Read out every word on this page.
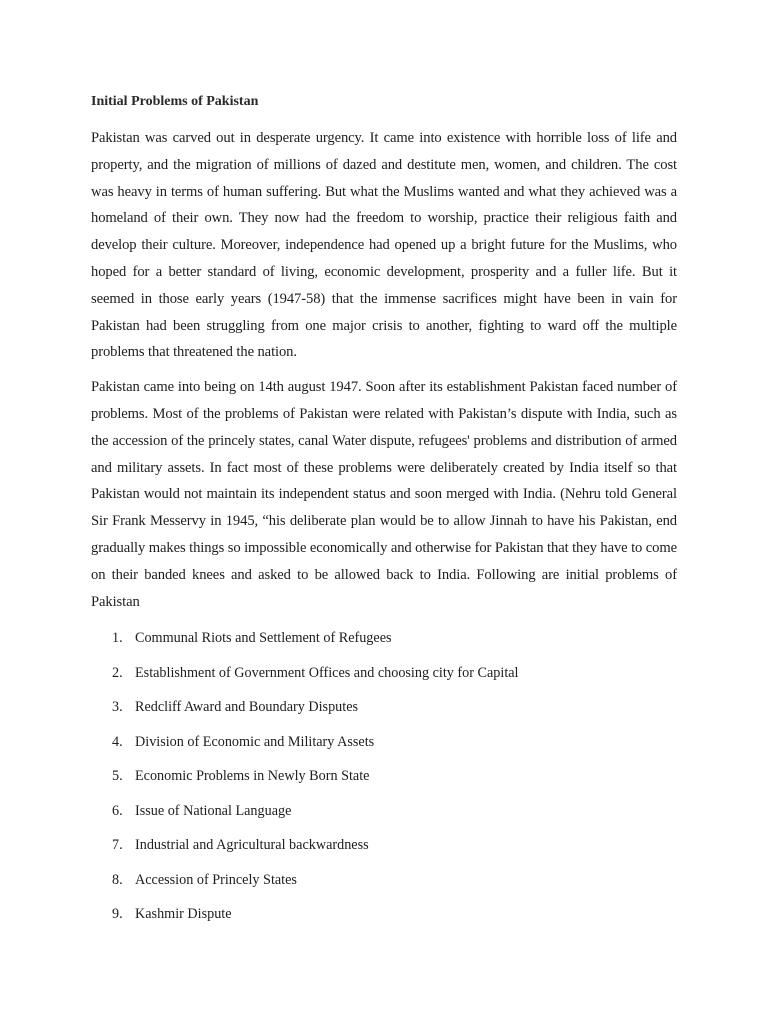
Initial Problems of Pakistan

Pakistan was carved out in desperate urgency. It came into existence with horrible loss of life and property, and the migration of millions of dazed and destitute men, women, and children. The cost was heavy in terms of human suffering. But what the Muslims wanted and what they achieved was a homeland of their own. They now had the freedom to worship, practice their religious faith and develop their culture. Moreover, independence had opened up a bright future for the Muslims, who hoped for a better standard of living, economic development, prosperity and a fuller life. But it seemed in those early years (1947-58) that the immense sacrifices might have been in vain for Pakistan had been struggling from one major crisis to another, fighting to ward off the multiple problems that threatened the nation.

Pakistan came into being on 14th august 1947. Soon after its establishment Pakistan faced number of problems. Most of the problems of Pakistan were related with Pakistan’s dispute with India, such as the accession of the princely states, canal Water dispute, refugees' problems and distribution of armed and military assets. In fact most of these problems were deliberately created by India itself so that Pakistan would not maintain its independent status and soon merged with India. (Nehru told General Sir Frank Messervy in 1945, “his deliberate plan would be to allow Jinnah to have his Pakistan, end gradually makes things so impossible economically and otherwise for Pakistan that they have to come on their banded knees and asked to be allowed back to India. Following are initial problems of Pakistan

1. Communal Riots and Settlement of Refugees
2. Establishment of Government Offices and choosing city for Capital
3. Redcliff Award and Boundary Disputes
4. Division of Economic and Military Assets
5. Economic Problems in Newly Born State
6. Issue of National Language
7. Industrial and Agricultural backwardness
8. Accession of Princely States
9. Kashmir Dispute
